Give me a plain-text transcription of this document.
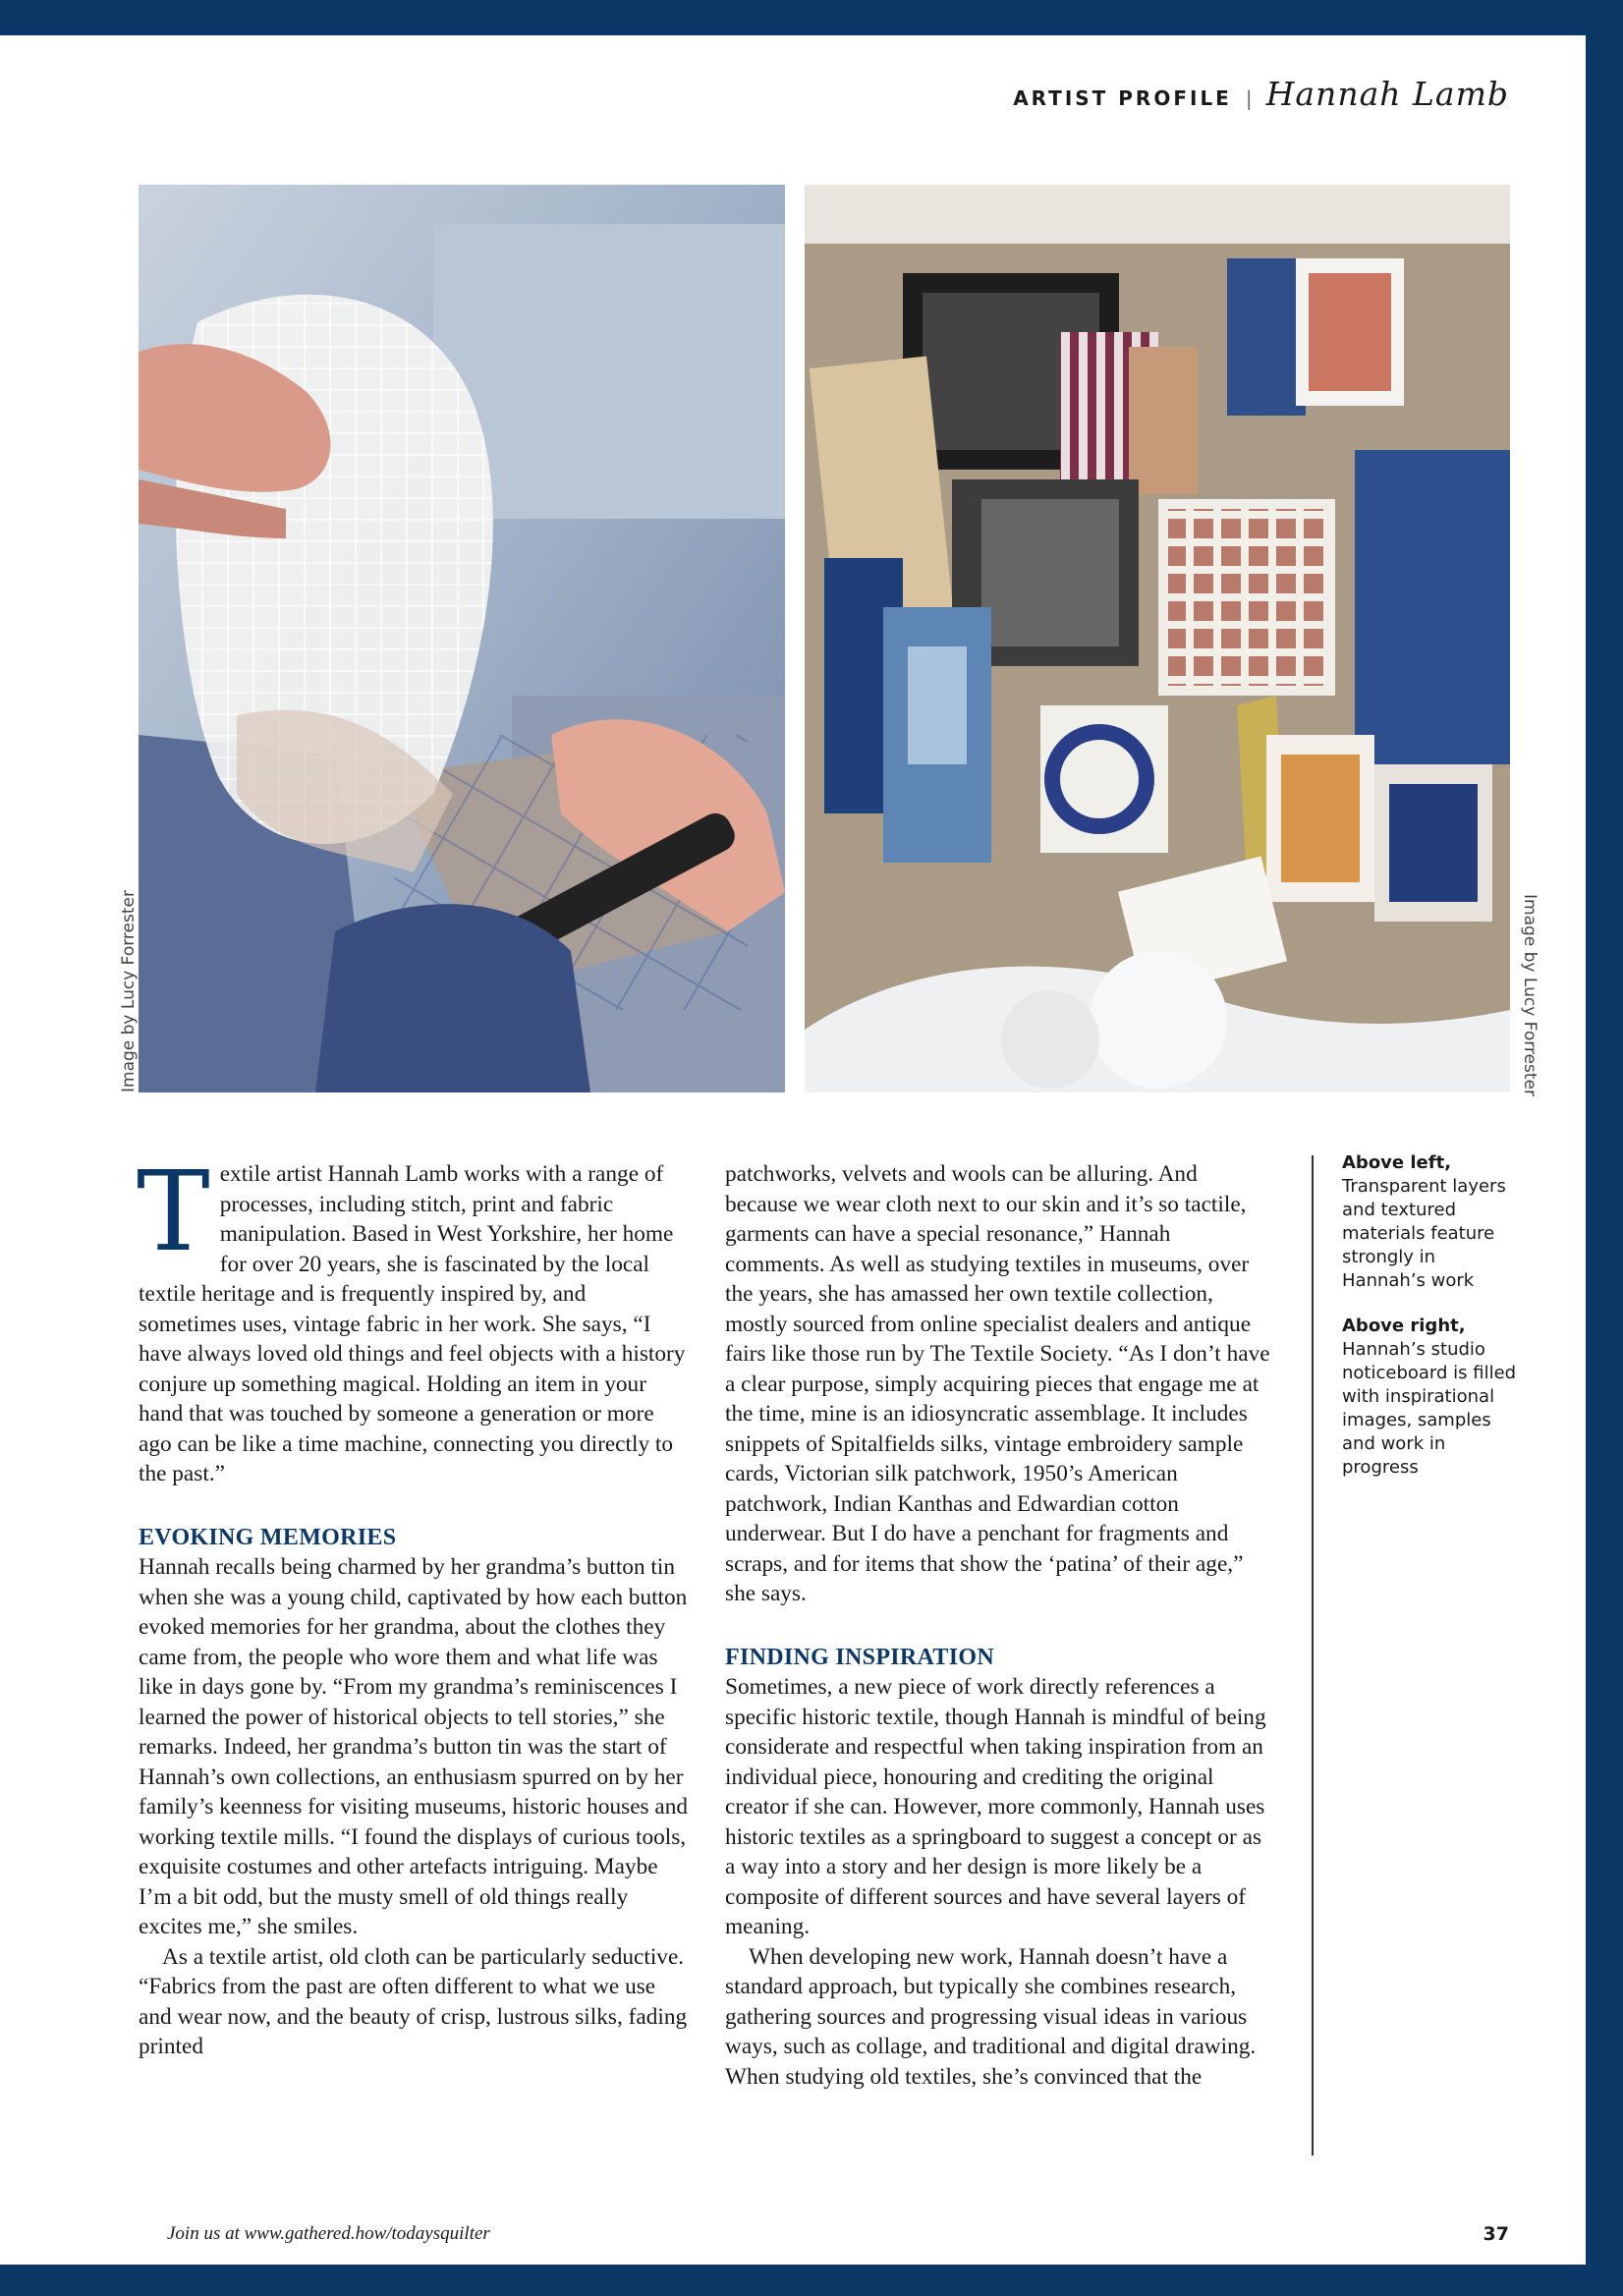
ARTIST PROFILE | Hannah Lamb
Image by Lucy Forrester	Image by Lucy Forrester

Textile artist Hannah Lamb works with a range of processes, including stitch, print and fabric manipulation. Based in West Yorkshire, her home for over 20 years, she is fascinated by the local textile heritage and is frequently inspired by, and sometimes uses, vintage fabric in her work. She says, “I have always loved old things and feel objects with a history conjure up something magical. Holding an item in your hand that was touched by someone a generation or more ago can be like a time machine, connecting you directly to the past.”

EVOKING MEMORIES

Hannah recalls being charmed by her grandma’s button tin when she was a young child, captivated by how each button evoked memories for her grandma, about the clothes they came from, the people who wore them and what life was like in days gone by. “From my grandma’s reminiscences I learned the power of historical objects to tell stories,” she remarks. Indeed, her grandma’s button tin was the start of Hannah’s own collections, an enthusiasm spurred on by her family’s keenness for visiting museums, historic houses and working textile mills. “I found the displays of curious tools, exquisite costumes and other artefacts intriguing. Maybe I’m a bit odd, but the musty smell of old things really excites me,” she smiles.

As a textile artist, old cloth can be particularly seductive. “Fabrics from the past are often different to what we use and wear now, and the beauty of crisp, lustrous silks, fading printed

patchworks, velvets and wools can be alluring. And because we wear cloth next to our skin and it’s so tactile, garments can have a special resonance,” Hannah comments. As well as studying textiles in museums, over the years, she has amassed her own textile collection, mostly sourced from online specialist dealers and antique fairs like those run by The Textile Society. “As I don’t have a clear purpose, simply acquiring pieces that engage me at the time, mine is an idiosyncratic assemblage. It includes snippets of Spitalfields silks, vintage embroidery sample cards, Victorian silk patchwork, 1950’s American patchwork, Indian Kanthas and Edwardian cotton underwear. But I do have a penchant for fragments and scraps, and for items that show the ‘patina’ of their age,” she says.

FINDING INSPIRATION

Sometimes, a new piece of work directly references a specific historic textile, though Hannah is mindful of being considerate and respectful when taking inspiration from an individual piece, honouring and crediting the original creator if she can. However, more commonly, Hannah uses historic textiles as a springboard to suggest a concept or as a way into a story and her design is more likely be a composite of different sources and have several layers of meaning.

When developing new work, Hannah doesn’t have a standard approach, but typically she combines research, gathering sources and progressing visual ideas in various ways, such as collage, and traditional and digital drawing. When studying old textiles, she’s convinced that the

Above left,
Transparent layers and textured materials feature strongly in Hannah’s work
Above right,
Hannah’s studio noticeboard is filled with inspirational images, samples and work in progress
Join us at www.gathered.how/todaysquilter	37
